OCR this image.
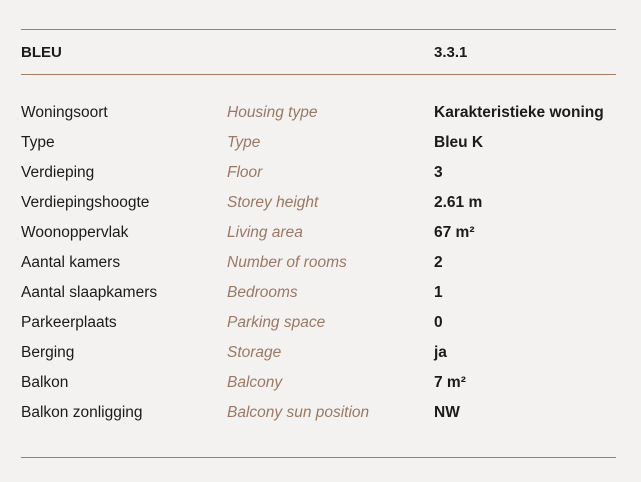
BLEU	3.3.1
Woningsoort	Housing type	Karakteristieke woning
Type	Type	Bleu K
Verdieping	Floor	3
Verdiepingshoogte	Storey height	2.61 m
Woonoppervlak	Living area	67 m²
Aantal kamers	Number of rooms	2
Aantal slaapkamers	Bedrooms	1
Parkeerplaats	Parking space	0
Berging	Storage	ja
Balkon	Balcony	7 m²
Balkon zonligging	Balcony sun position	NW
